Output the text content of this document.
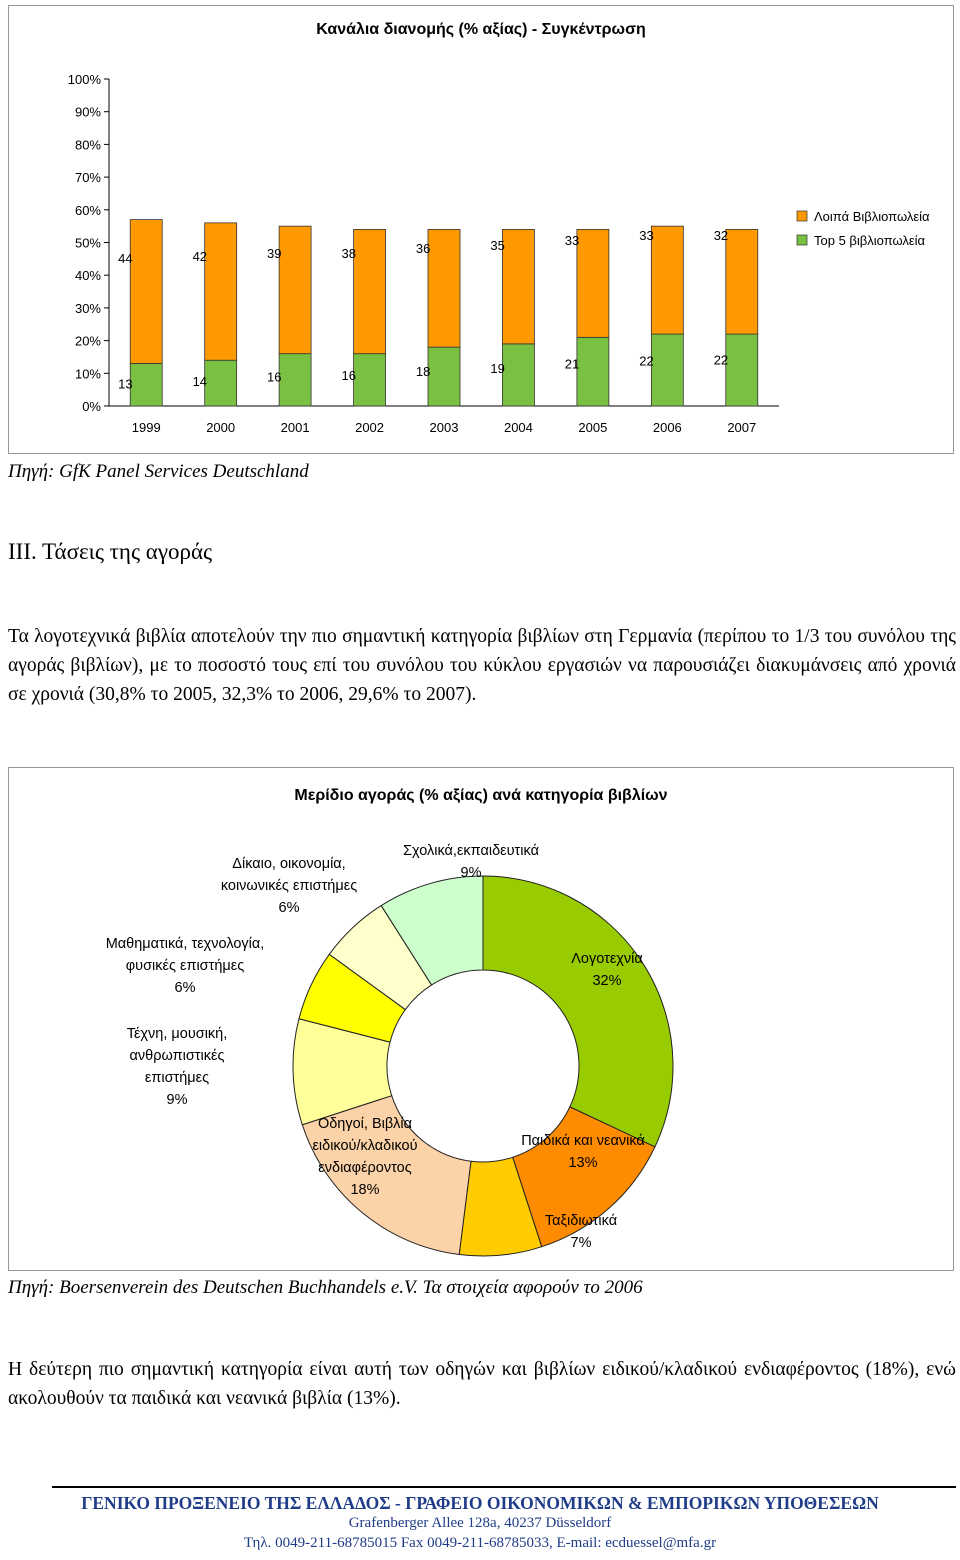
Κανάλια διανομής (% αξίας) - Συγκέντρωση
0%
10%
20%
30%
40%
50%
60%
70%
80%
90%
100%
1999	2000	2001	2002	2003	2004	2005	2006	2007
13
44
14
42
16
39
16
38
18
36
19
35
21
33
22
33
22
32
Λοιπά Βιβλιοπωλεία
Top 5 βιβλιοπωλεία
Πηγή: GfK Panel Services Deutschland
ΙΙΙ. Τάσεις της αγοράς
Τα λογοτεχνικά βιβλία αποτελούν την πιο σημαντική κατηγορία βιβλίων στη Γερμανία (περίπου το 1/3 του συνόλου της αγοράς βιβλίων), με το ποσοστό τους επί του συνόλου του κύκλου εργασιών να παρουσιάζει διακυμάνσεις από χρονιά σε χρονιά (30,8% το 2005, 32,3% το 2006, 29,6% το 2007).
Μερίδιο αγοράς (% αξίας) ανά κατηγορία βιβλίων
Λογοτεχνία 32%
Παιδικά και νεανικά 13%
Ταξιδιωτικά 7%
Οδηγοί, Βιβλία ειδικού/κλαδικού ενδιαφέροντος 18%
Τέχνη, μουσική, ανθρωπιστικές επιστήμες 9%
Μαθηματικά, τεχνολογία, φυσικές επιστήμες 6%
Δίκαιο, οικονομία, κοινωνικές επιστήμες 6%
Σχολικά,εκπαιδευτικά 9%
Πηγή: Boersenverein des Deutschen Buchhandels e.V. Τα στοιχεία αφορούν το 2006
Η δεύτερη πιο σημαντική κατηγορία είναι αυτή των οδηγών και βιβλίων ειδικού/κλαδικού ενδιαφέροντος (18%), ενώ ακολουθούν τα παιδικά και νεανικά βιβλία (13%).
ΓΕΝΙΚΟ ΠΡΟΞΕΝΕΙΟ ΤΗΣ ΕΛΛΑΔΟΣ - ΓΡΑΦΕΙΟ ΟΙΚΟΝΟΜΙΚΩΝ & ΕΜΠΟΡΙΚΩΝ ΥΠΟΘΕΣΕΩΝ
Grafenberger Allee 128a, 40237 Düsseldorf
Τηλ. 0049-211-68785015 Fax 0049-211-68785033, E-mail: ecduessel@mfa.gr
